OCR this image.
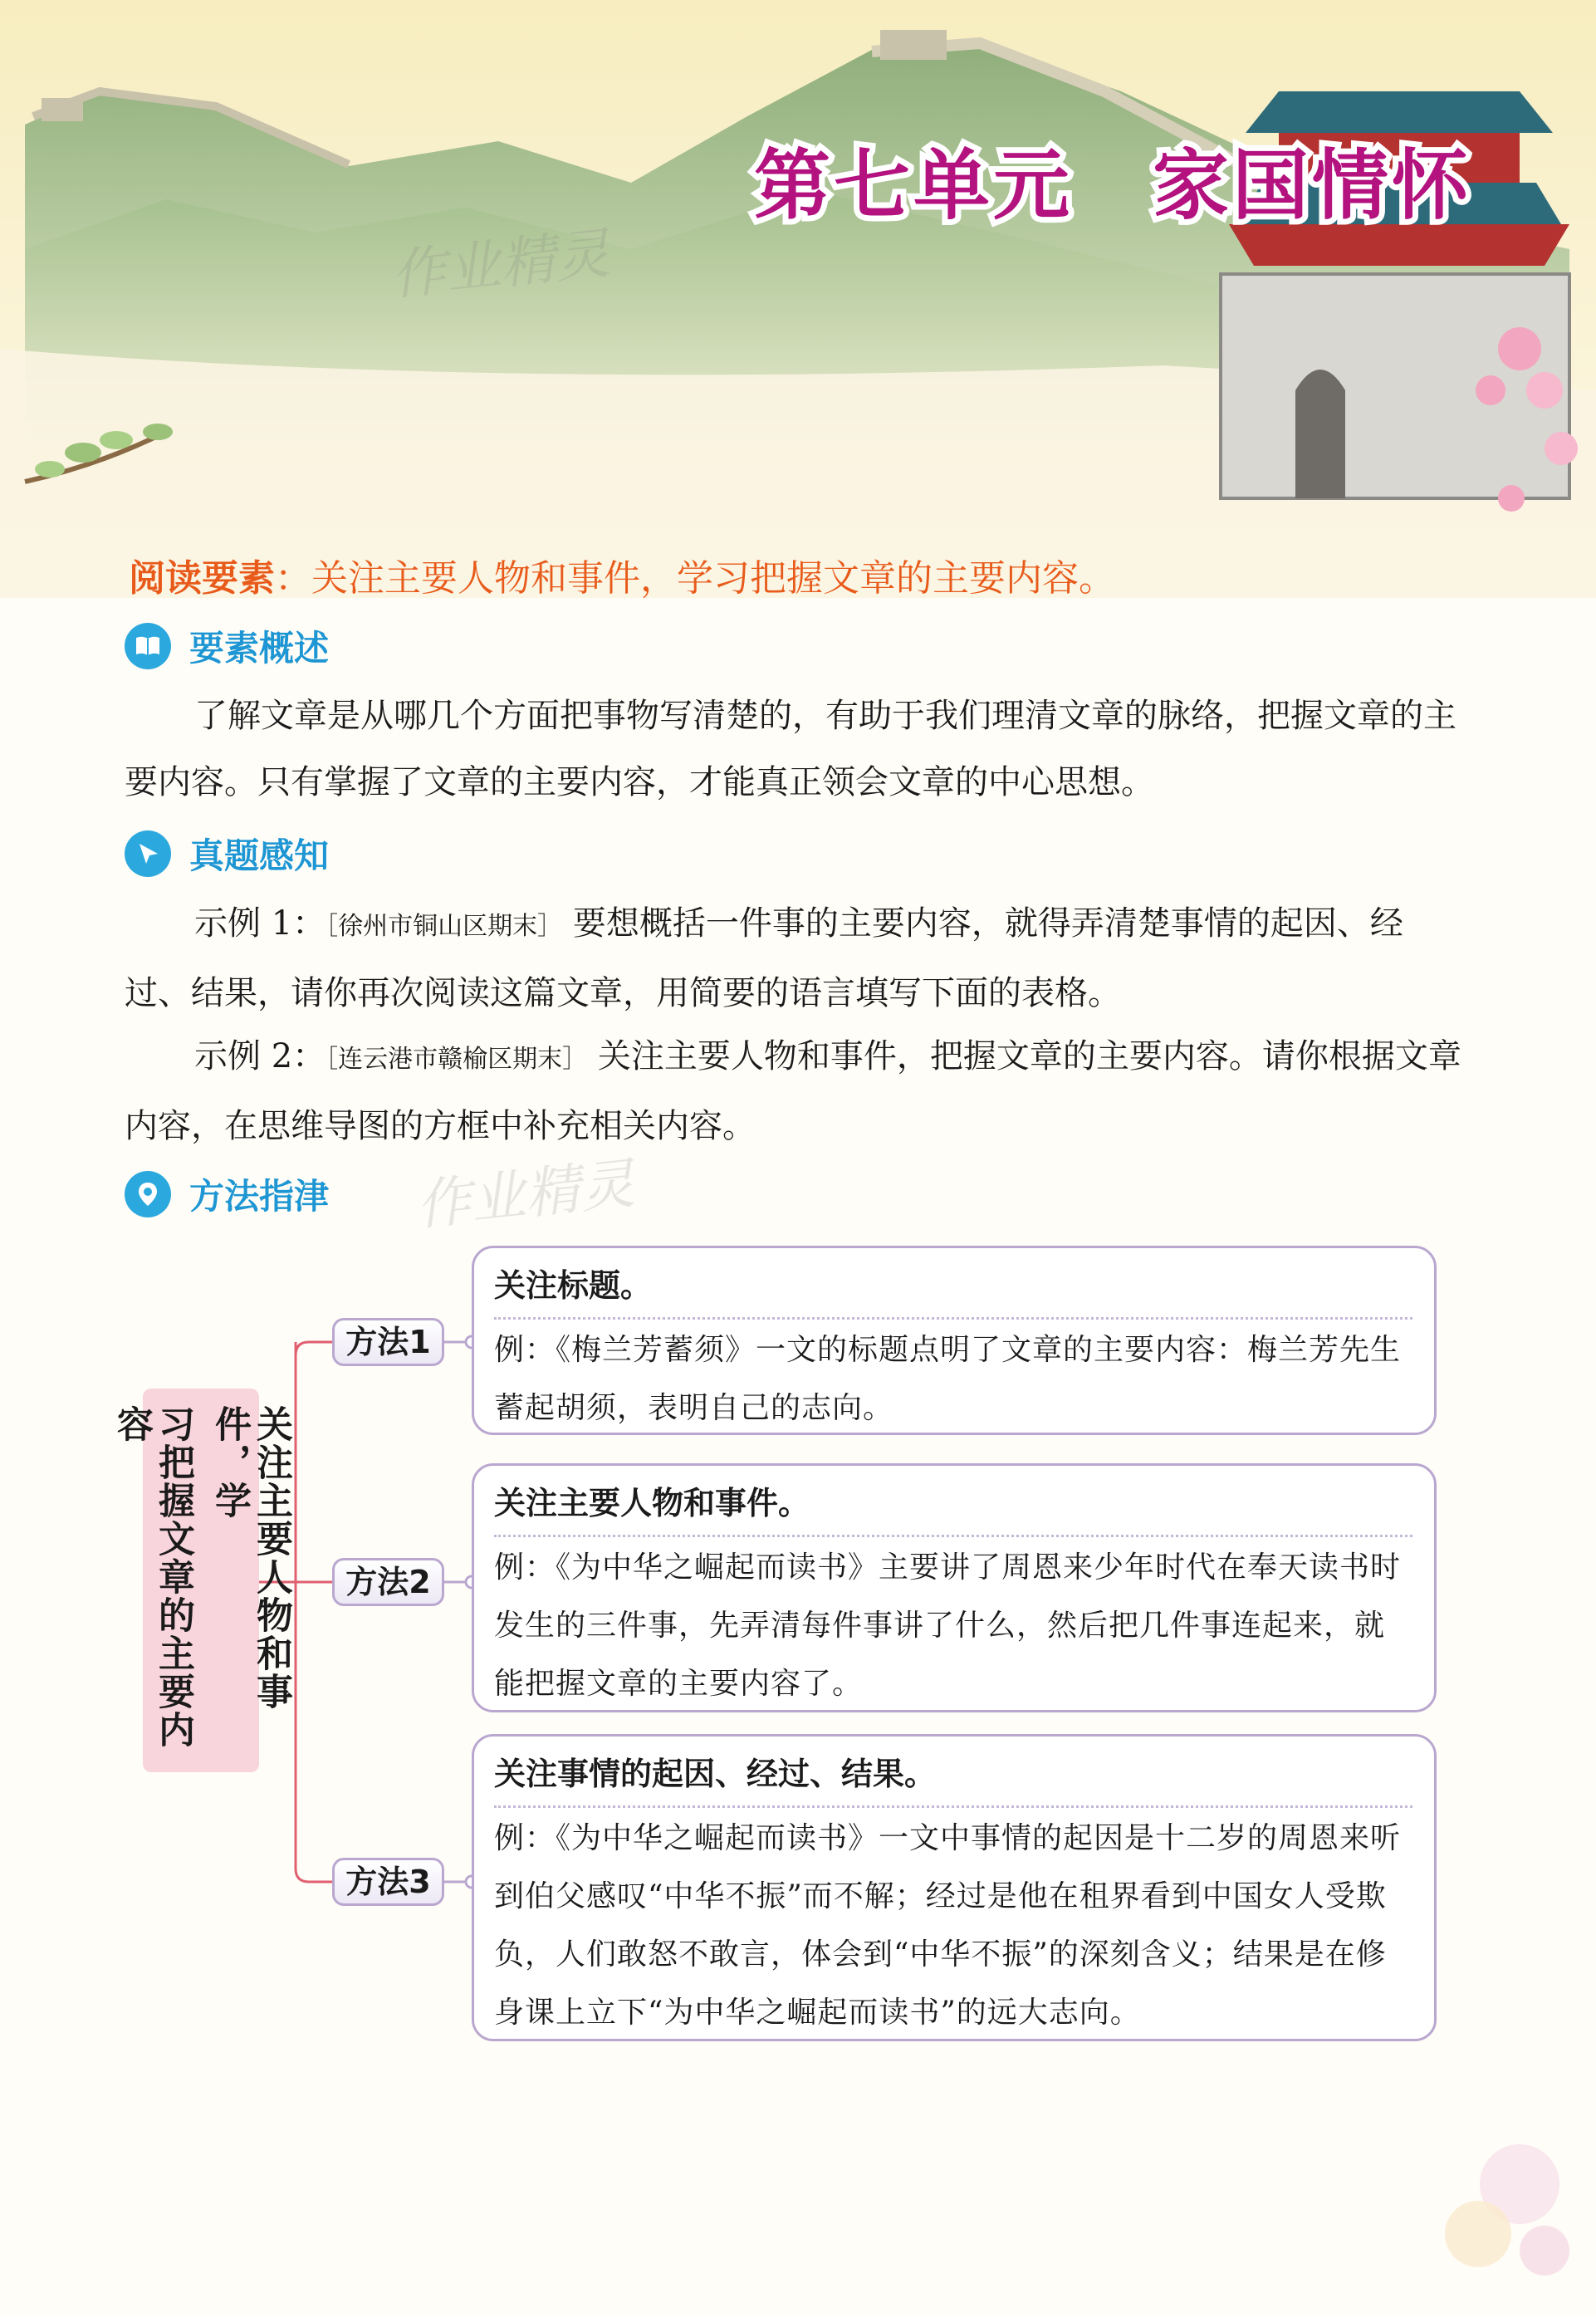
第七单元　家国情怀
作业精灵
阅读要素：关注主要人物和事件，学习把握文章的主要内容。
要素概述
了解文章是从哪几个方面把事物写清楚的，有助于我们理清文章的脉络，把握文章的主要内容。只有掌握了文章的主要内容，才能真正领会文章的中心思想。
真题感知
示例 1：［徐州市铜山区期末］ 要想概括一件事的主要内容，就得弄清楚事情的起因、经过、结果，请你再次阅读这篇文章，用简要的语言填写下面的表格。
示例 2：［连云港市赣榆区期末］ 关注主要人物和事件，把握文章的主要内容。请你根据文章内容，在思维导图的方框中补充相关内容。
方法指津 作业精灵
关注主要人物和事件，学
习把握文章的主要内容
方法1
方法2
方法3
关注标题。
例：《梅兰芳蓄须》一文的标题点明了文章的主要内容：梅兰芳先生蓄起胡须，表明自己的志向。
关注主要人物和事件。
例：《为中华之崛起而读书》主要讲了周恩来少年时代在奉天读书时发生的三件事，先弄清每件事讲了什么，然后把几件事连起来，就能把握文章的主要内容了。
关注事情的起因、经过、结果。
例：《为中华之崛起而读书》一文中事情的起因是十二岁的周恩来听到伯父感叹“中华不振”而不解；经过是他在租界看到中国女人受欺负，人们敢怒不敢言，体会到“中华不振”的深刻含义；结果是在修身课上立下“为中华之崛起而读书”的远大志向。
